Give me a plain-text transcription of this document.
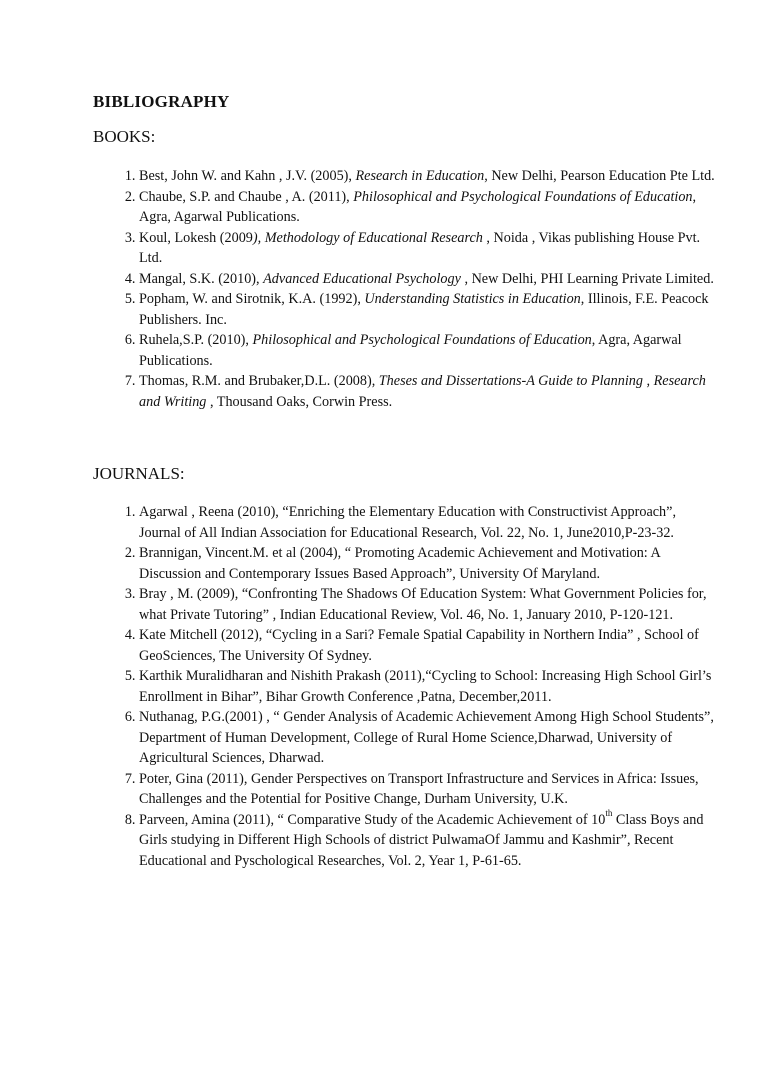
BIBLIOGRAPHY
BOOKS:
1. Best, John W. and Kahn , J.V. (2005), Research in Education, New Delhi, Pearson Education Pte Ltd.
2. Chaube, S.P. and Chaube , A. (2011), Philosophical and Psychological Foundations of Education, Agra, Agarwal Publications.
3. Koul, Lokesh (2009), Methodology of Educational Research , Noida , Vikas publishing House Pvt. Ltd.
4. Mangal, S.K. (2010), Advanced Educational Psychology , New Delhi, PHI Learning Private Limited.
5. Popham, W. and Sirotnik, K.A. (1992), Understanding Statistics in Education, Illinois, F.E. Peacock Publishers. Inc.
6. Ruhela,S.P. (2010), Philosophical and Psychological Foundations of Education, Agra, Agarwal Publications.
7. Thomas, R.M. and Brubaker,D.L. (2008), Theses and Dissertations-A Guide to Planning , Research and Writing , Thousand Oaks, Corwin Press.
JOURNALS:
1. Agarwal , Reena (2010), “Enriching the Elementary Education with Constructivist Approach”, Journal of All Indian Association for Educational Research, Vol. 22, No. 1, June2010,P-23-32.
2. Brannigan, Vincent.M. et al (2004), “ Promoting Academic Achievement and Motivation: A Discussion and Contemporary Issues Based Approach”, University Of Maryland.
3. Bray , M. (2009), “Confronting The Shadows Of Education System: What Government Policies for, what Private Tutoring” , Indian Educational Review, Vol. 46, No. 1, January 2010, P-120-121.
4. Kate Mitchell (2012), “Cycling in a Sari? Female Spatial Capability in Northern India” , School of GeoSciences, The University Of Sydney.
5. Karthik Muralidharan and Nishith Prakash (2011),“Cycling to School: Increasing High School Girl’s Enrollment in Bihar”, Bihar Growth Conference ,Patna, December,2011.
6. Nuthanag, P.G.(2001) , “ Gender Analysis of Academic Achievement Among High School Students”, Department of Human Development, College of Rural Home Science,Dharwad, University of Agricultural Sciences, Dharwad.
7. Poter, Gina (2011), Gender Perspectives on Transport Infrastructure and Services in Africa: Issues, Challenges and the Potential for Positive Change, Durham University, U.K.
8. Parveen, Amina (2011), “ Comparative Study of the Academic Achievement of 10th Class Boys and Girls studying in Different High Schools of district PulwamaOf Jammu and Kashmir”, Recent Educational and Pyschological Researches, Vol. 2, Year 1, P-61-65.
